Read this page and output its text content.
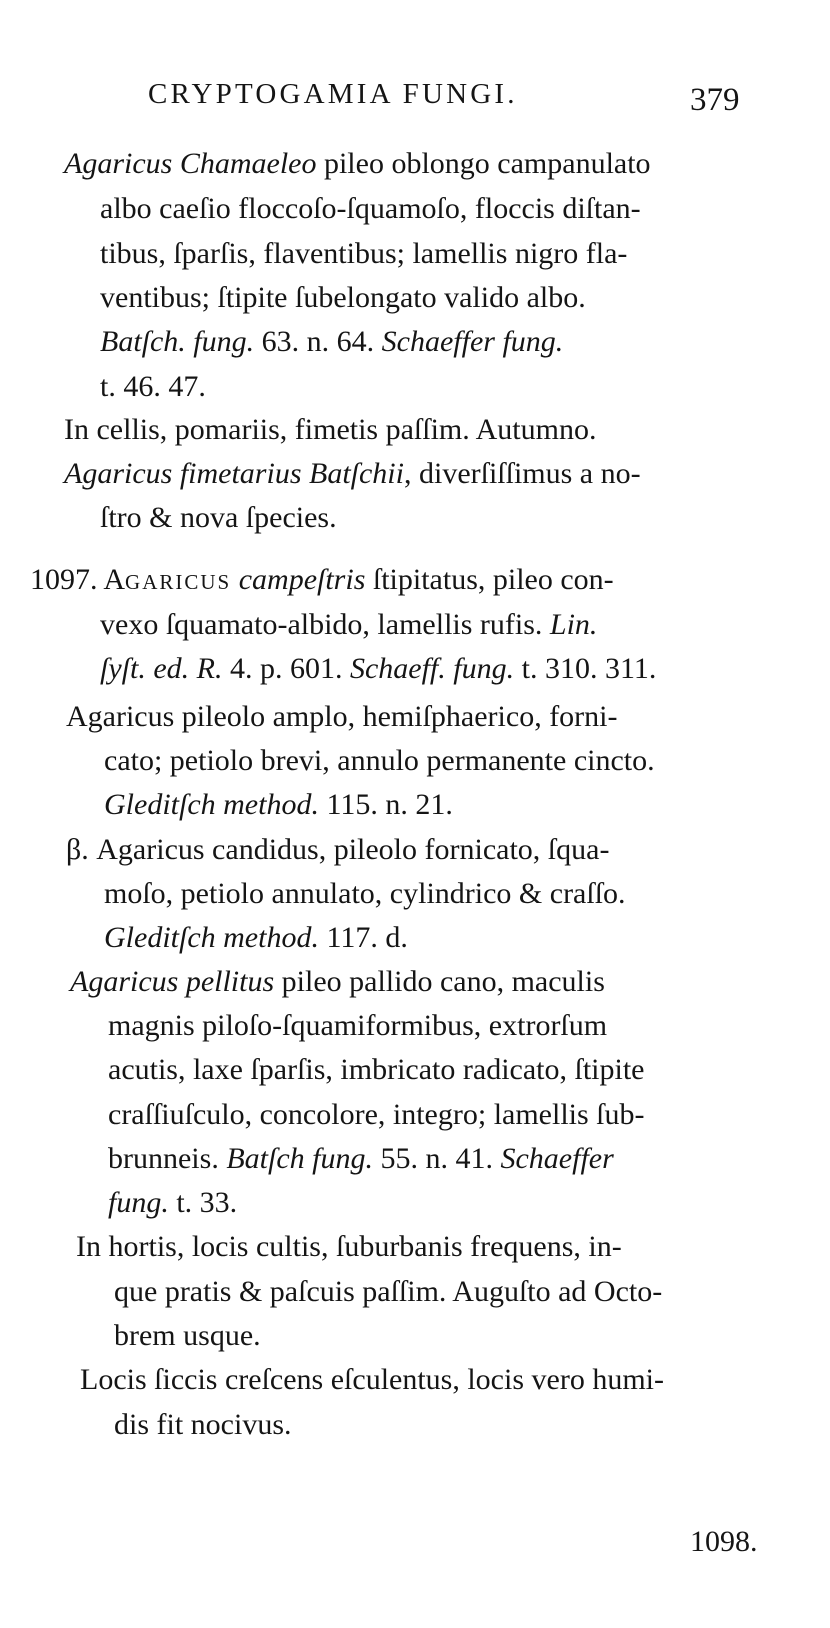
CRYPTOGAMIA FUNGI.	379
Agaricus Chamaeleo pileo oblongo campanulato
albo caeſio floccoſo-ſquamoſo, floccis diſtan-
tibus, ſparſis, flaventibus; lamellis nigro fla-
ventibus; ſtipite ſubelongato valido albo.
Batſch. fung. 63. n. 64. Schaeffer fung.
t. 46. 47.
In cellis, pomariis, fimetis paſſim. Autumno.
Agaricus fimetarius Batſchii, diverſiſſimus a no-
ſtro & nova ſpecies.
1097. AGARICUS campeſtris ſtipitatus, pileo con-
vexo ſquamato-albido, lamellis rufis. Lin.
ſyſt. ed. R. 4. p. 601. Schaeff. fung. t. 310. 311.
Agaricus pileolo amplo, hemiſphaerico, forni-
cato; petiolo brevi, annulo permanente cincto.
Gleditſch method. 115. n. 21.
β. Agaricus candidus, pileolo fornicato, ſqua-
moſo, petiolo annulato, cylindrico & craſſo.
Gleditſch method. 117. d.
Agaricus pellitus pileo pallido cano, maculis
magnis piloſo-ſquamiformibus, extrorſum
acutis, laxe ſparſis, imbricato radicato, ſtipite
craſſiuſculo, concolore, integro; lamellis ſub-
brunneis. Batſch fung. 55. n. 41. Schaeffer
fung. t. 33.
In hortis, locis cultis, ſuburbanis frequens, in-
que pratis & paſcuis paſſim. Auguſto ad Octo-
brem usque.
Locis ſiccis creſcens eſculentus, locis vero humi-
dis fit nocivus.
1098.
